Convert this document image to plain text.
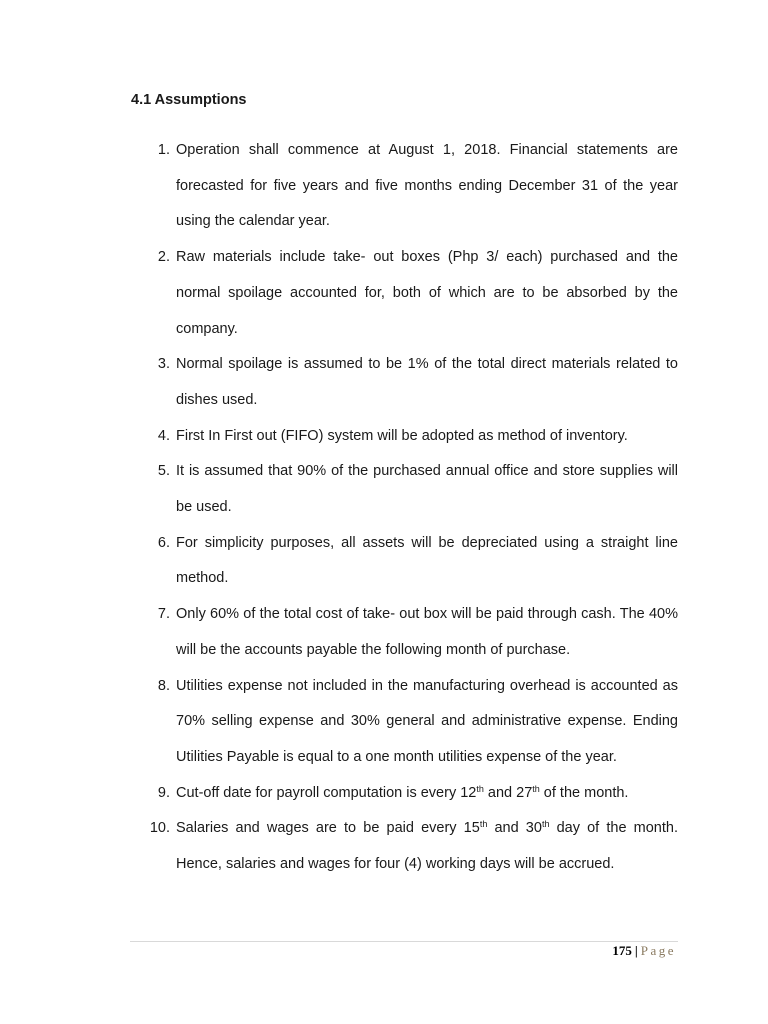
4.1 Assumptions
1. Operation shall commence at August 1, 2018. Financial statements are forecasted for five years and five months ending December 31 of the year using the calendar year.
2. Raw materials include take- out boxes (Php 3/ each) purchased and the normal spoilage accounted for, both of which are to be absorbed by the company.
3. Normal spoilage is assumed to be 1% of the total direct materials related to dishes used.
4. First In First out (FIFO) system will be adopted as method of inventory.
5. It is assumed that 90% of the purchased annual office and store supplies will be used.
6. For simplicity purposes, all assets will be depreciated using a straight line method.
7. Only 60% of the total cost of take- out box will be paid through cash. The 40% will be the accounts payable the following month of purchase.
8. Utilities expense not included in the manufacturing overhead is accounted as 70% selling expense and 30% general and administrative expense. Ending Utilities Payable is equal to a one month utilities expense of the year.
9. Cut-off date for payroll computation is every 12th and 27th of the month.
10. Salaries and wages are to be paid every 15th and 30th day of the month. Hence, salaries and wages for four (4) working days will be accrued.
175 | Page
